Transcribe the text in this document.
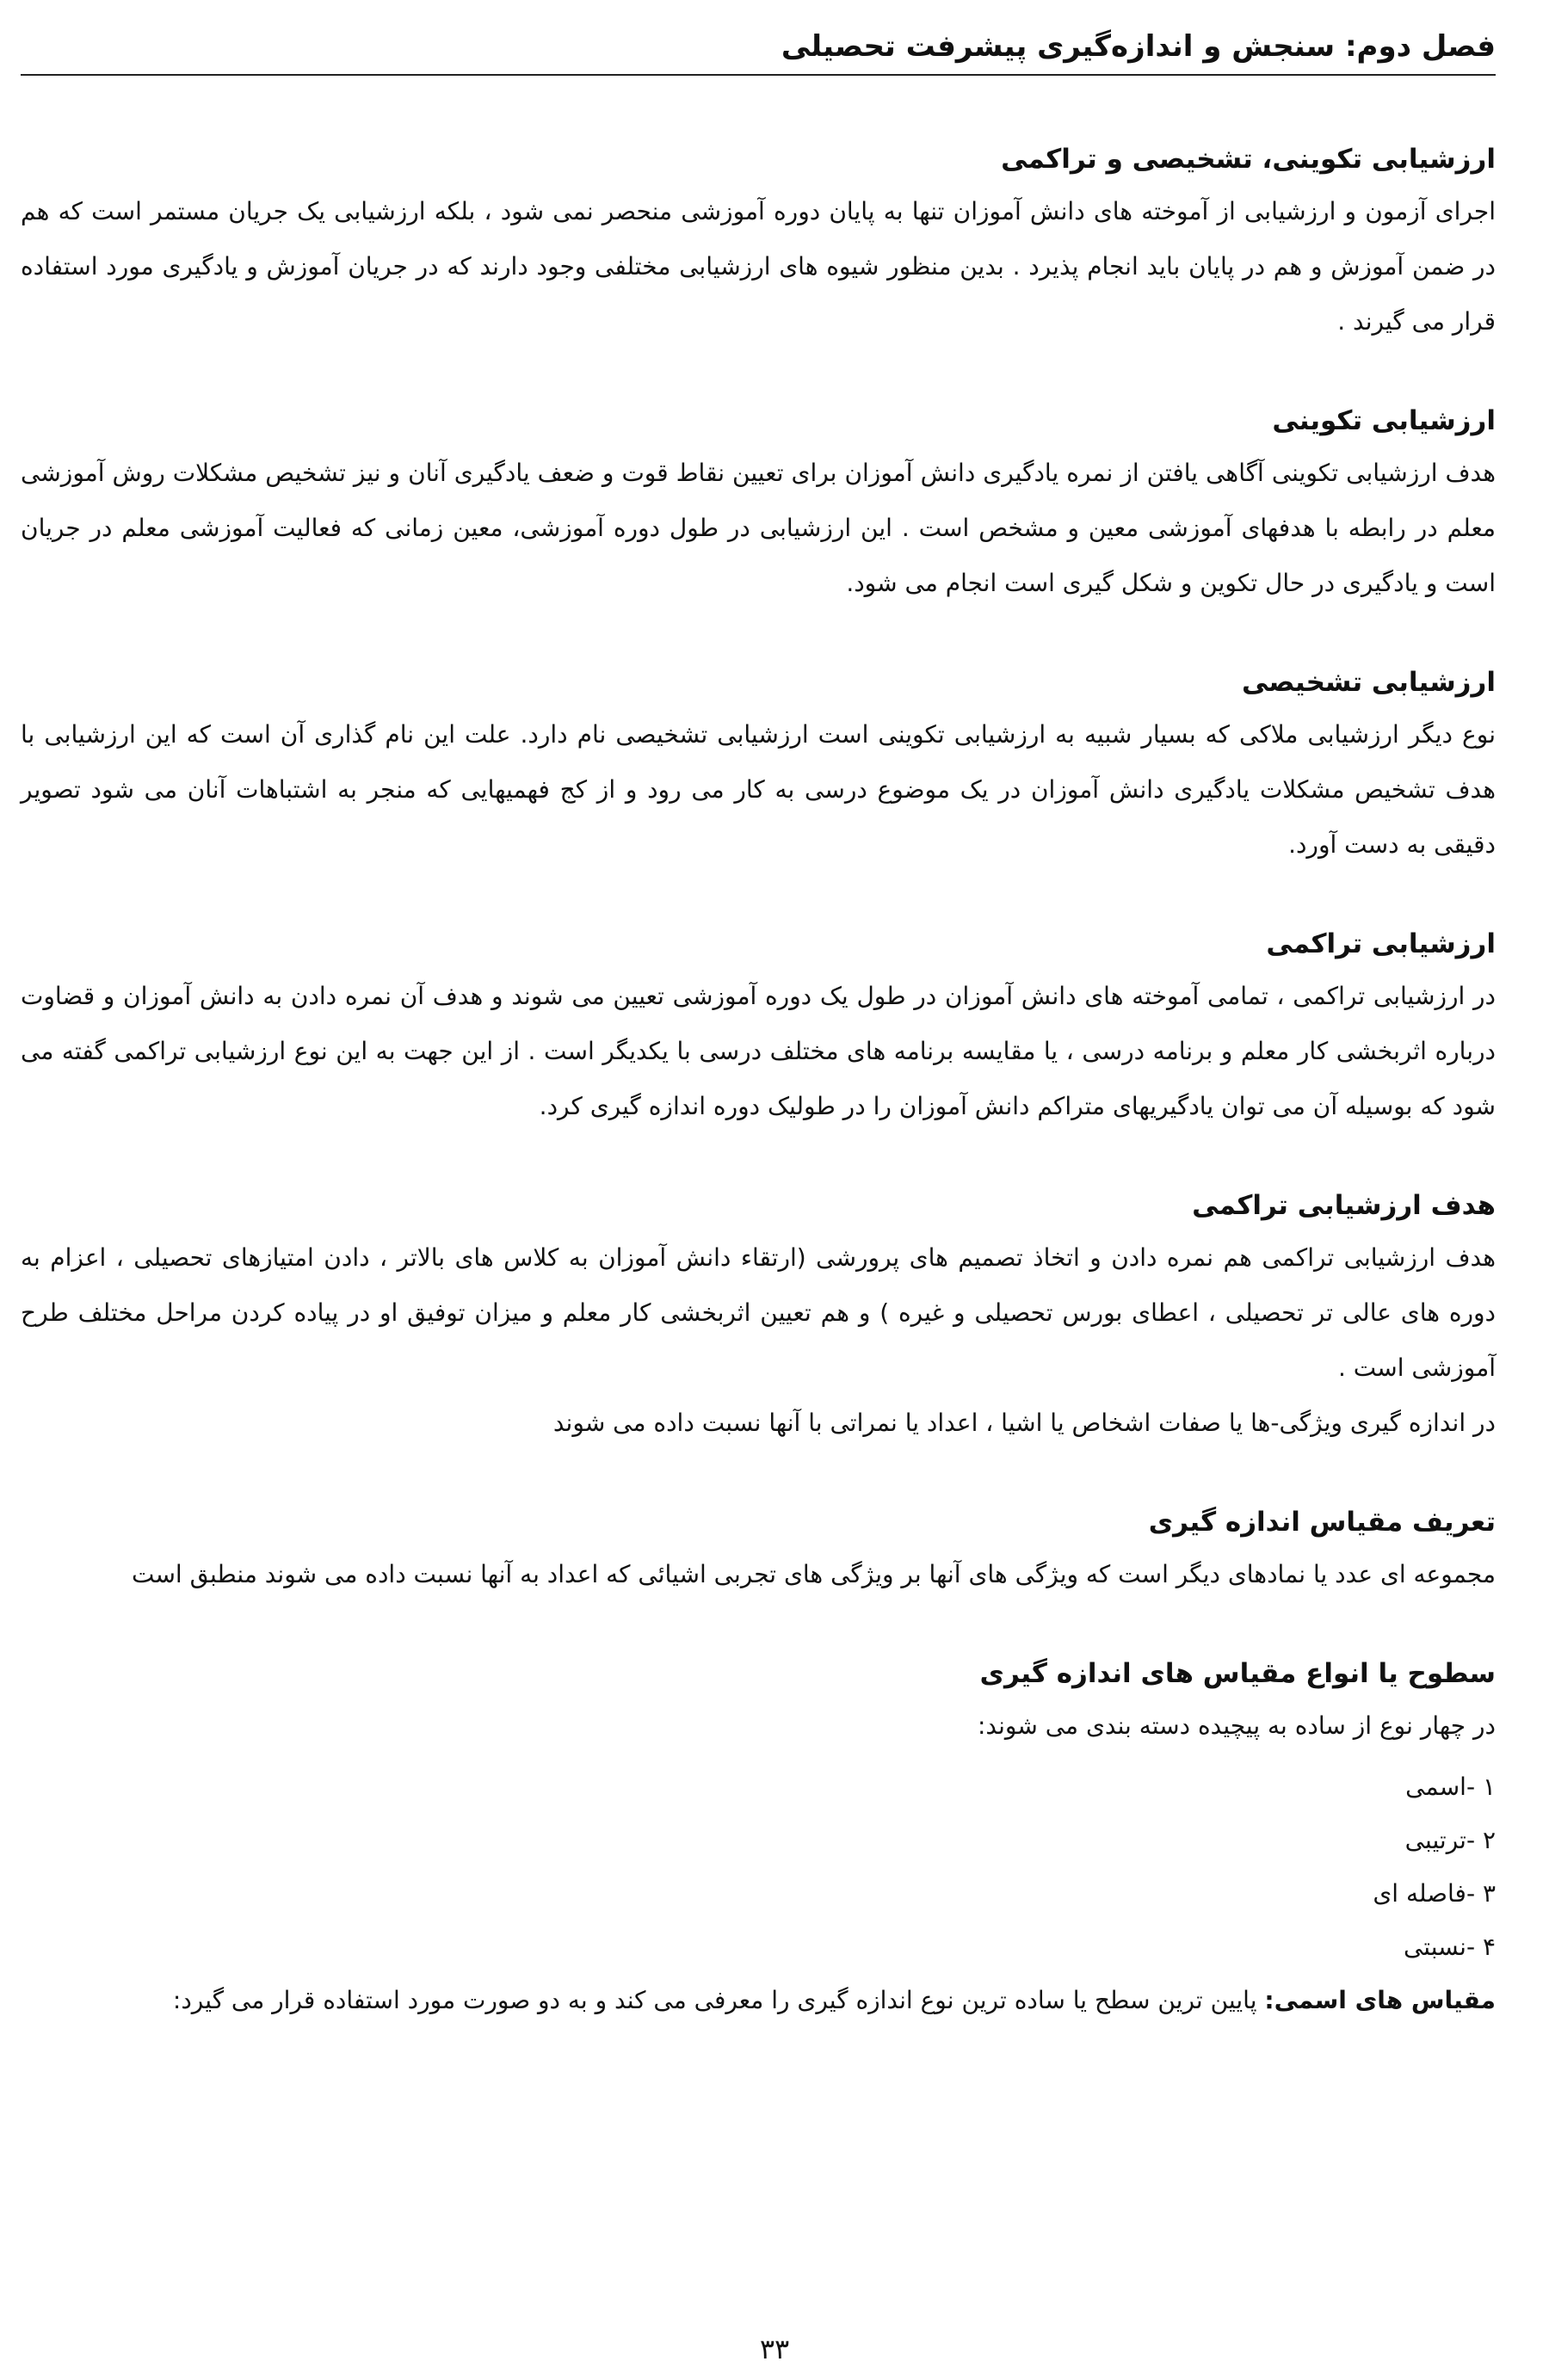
فصل دوم: سنجش و اندازه‌گیری پیشرفت تحصیلی
ارزشیابی تکوینی، تشخیصی و تراکمی

اجرای آزمون و ارزشیابی از آموخته های دانش آموزان تنها به پایان دوره آموزشی منحصر نمی شود ، بلکه ارزشیابی یک جریان مستمر است که هم در ضمن آموزش و هم در پایان باید انجام پذیرد . بدین منظور شیوه های ارزشیابی مختلفی وجود دارند که در جریان آموزش و یادگیری مورد استفاده قرار می گیرند .

ارزشیابی تکوینی

هدف ارزشیابی تکوینی آگاهی یافتن از نمره یادگیری دانش آموزان برای تعیین نقاط قوت و ضعف یادگیری آنان و نیز تشخیص مشکلات روش آموزشی معلم در رابطه با هدفهای آموزشی معین و مشخص است . این ارزشیابی در طول دوره آموزشی، معین زمانی که فعالیت آموزشی معلم در جریان است و یادگیری در حال تکوین و شکل گیری است انجام می شود.

ارزشیابی تشخیصی

نوع دیگر ارزشیابی ملاکی که بسیار شبیه به ارزشیابی تکوینی است ارزشیابی تشخیصی نام دارد. علت این نام گذاری آن است که این ارزشیابی با هدف تشخیص مشکلات یادگیری دانش آموزان در یک موضوع درسی به کار می رود و از کج فهمیهایی که منجر به اشتباهات آنان می شود تصویر دقیقی به دست آورد.

ارزشیابی تراکمی

در ارزشیابی تراکمی ، تمامی آموخته های دانش آموزان در طول یک دوره آموزشی تعیین می شوند و هدف آن نمره دادن به دانش آموزان و قضاوت درباره اثربخشی کار معلم و برنامه درسی ، یا مقایسه برنامه های مختلف درسی با یکدیگر است . از این جهت به این نوع ارزشیابی تراکمی گفته می شود که بوسیله آن می توان یادگیریهای متراکم دانش آموزان را در طولیک دوره اندازه گیری کرد.

هدف ارزشیابی تراکمی

هدف ارزشیابی تراکمی هم نمره دادن و اتخاذ تصمیم های پرورشی (ارتقاء دانش آموزان به کلاس های بالاتر ، دادن امتیازهای تحصیلی ، اعزام به دوره های عالی تر تحصیلی ، اعطای بورس تحصیلی و غیره ) و هم تعیین اثربخشی کار معلم و میزان توفیق او در پیاده کردن مراحل مختلف طرح آموزشی است .

در اندازه گیری ویژگی-ها یا صفات اشخاص یا اشیا ، اعداد یا نمراتی با آنها نسبت داده می شوند

تعریف مقیاس اندازه گیری

مجموعه ای عدد یا نمادهای دیگر است که ویژگی های آنها بر ویژگی های تجربی اشیائی که اعداد به آنها نسبت داده می شوند منطبق است

سطوح یا انواع مقیاس های اندازه گیری

در چهار نوع از ساده به پیچیده دسته بندی می شوند:

۱ -اسمی
۲ -ترتیبی
۳ -فاصله ای
۴ -نسبتی
مقیاس های اسمی: پایین ترین سطح یا ساده ترین نوع اندازه گیری را معرفی می کند و به دو صورت مورد استفاده قرار می گیرد:
۳۳
